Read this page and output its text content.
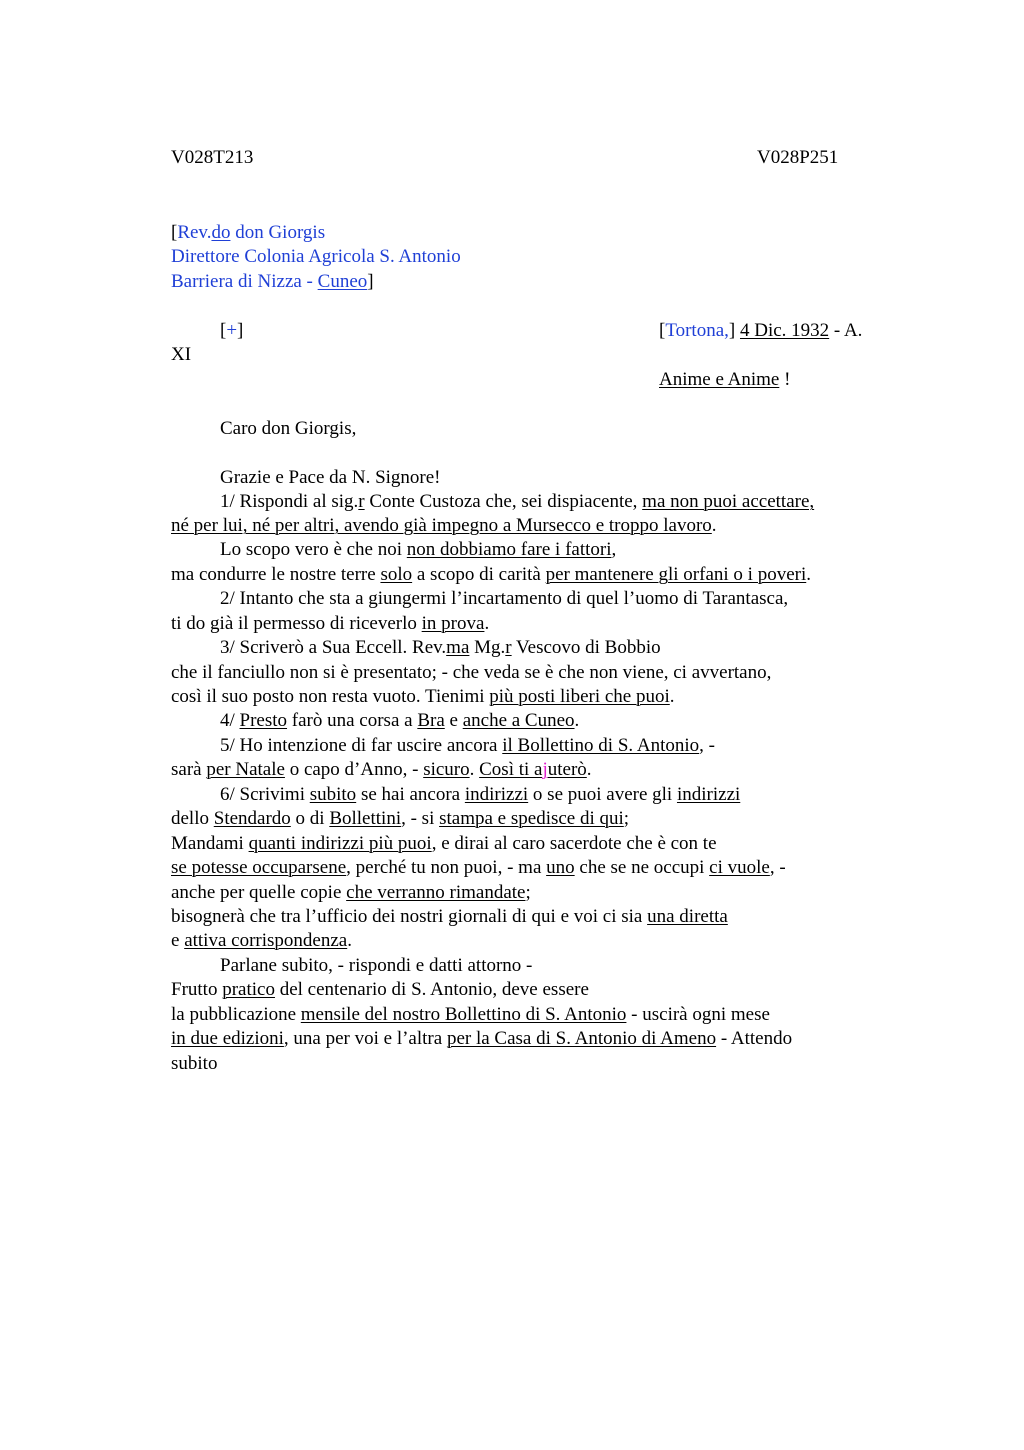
V028T213	V028P251
[Rev.do don Giorgis
Direttore Colonia Agricola S. Antonio
Barriera di Nizza - Cuneo]
[+]	[Tortona,] 4 Dic. 1932 - A.
XI
Anime e Anime !
Caro don Giorgis,
Grazie e Pace da N. Signore!
1/ Rispondi al sig.r Conte Custoza che, sei dispiacente, ma non puoi accettare,
né per lui, né per altri, avendo già impegno a Mursecco e troppo lavoro.
Lo scopo vero è che noi non dobbiamo fare i fattori,
ma condurre le nostre terre solo a scopo di carità per mantenere gli orfani o i poveri.
2/ Intanto che sta a giungermi l’incartamento di quel l’uomo di Tarantasca,
ti do già il permesso di riceverlo in prova.
3/ Scriverò a Sua Eccell. Rev.ma Mg.r Vescovo di Bobbio
che il fanciullo non si è presentato; - che veda se è che non viene, ci avvertano,
così il suo posto non resta vuoto. Tienimi più posti liberi che puoi.
4/ Presto farò una corsa a Bra e anche a Cuneo.
5/ Ho intenzione di far uscire ancora il Bollettino di S. Antonio, -
sarà per Natale o capo d’Anno, - sicuro. Così ti ajuterò.
6/ Scrivimi subito se hai ancora indirizzi o se puoi avere gli indirizzi
dello Stendardo o di Bollettini, - si stampa e spedisce di qui;
Mandami quanti indirizzi più puoi, e dirai al caro sacerdote che è con te
se potesse occuparsene, perché tu non puoi, - ma uno che se ne occupi ci vuole, -
anche per quelle copie che verranno rimandate;
bisognerà che tra l’ufficio dei nostri giornali di qui e voi ci sia una diretta
e attiva corrispondenza.
Parlane subito, - rispondi e datti attorno -
Frutto pratico del centenario di S. Antonio, deve essere
la pubblicazione mensile del nostro Bollettino di S. Antonio - uscirà ogni mese
in due edizioni, una per voi e l’altra per la Casa di S. Antonio di Ameno - Attendo
subito
